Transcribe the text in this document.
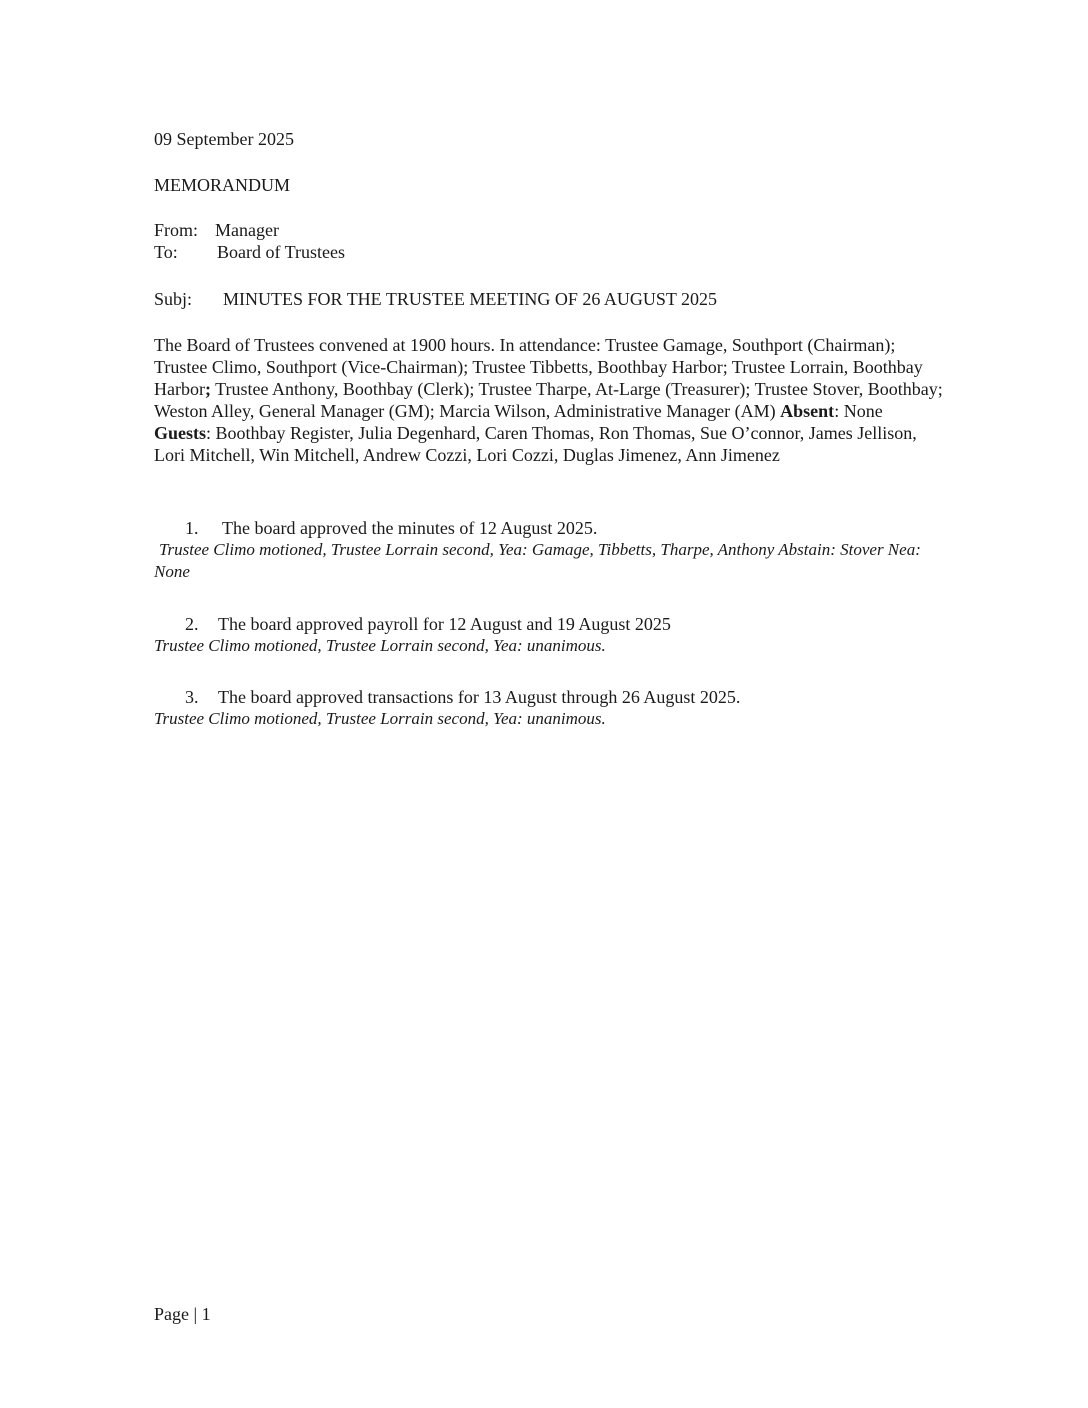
09 September 2025
MEMORANDUM
From: Manager
To: Board of Trustees
Subj: MINUTES FOR THE TRUSTEE MEETING OF 26 AUGUST 2025
The Board of Trustees convened at 1900 hours. In attendance: Trustee Gamage, Southport (Chairman); Trustee Climo, Southport (Vice-Chairman); Trustee Tibbetts, Boothbay Harbor; Trustee Lorrain, Boothbay Harbor; Trustee Anthony, Boothbay (Clerk); Trustee Tharpe, At-Large (Treasurer); Trustee Stover, Boothbay; Weston Alley, General Manager (GM); Marcia Wilson, Administrative Manager (AM) Absent: None Guests: Boothbay Register, Julia Degenhard, Caren Thomas, Ron Thomas, Sue O’connor, James Jellison, Lori Mitchell, Win Mitchell, Andrew Cozzi, Lori Cozzi, Duglas Jimenez, Ann Jimenez
1. The board approved the minutes of 12 August 2025.
Trustee Climo motioned, Trustee Lorrain second, Yea: Gamage, Tibbetts, Tharpe, Anthony Abstain: Stover Nea: None
2. The board approved payroll for 12 August and 19 August 2025
Trustee Climo motioned, Trustee Lorrain second, Yea: unanimous.
3. The board approved transactions for 13 August through 26 August 2025.
Trustee Climo motioned, Trustee Lorrain second, Yea: unanimous.
Page | 1
